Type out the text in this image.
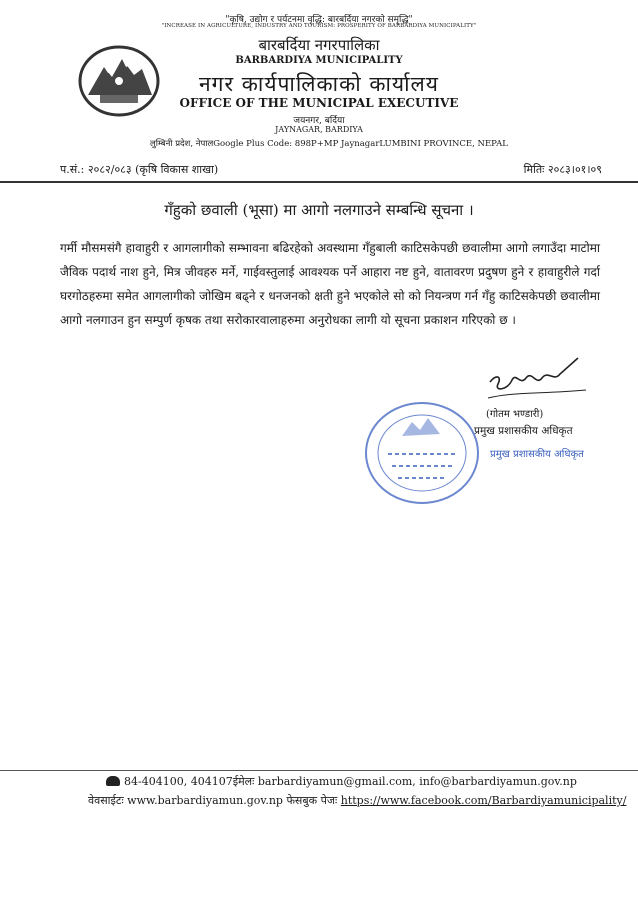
"कृषि, उद्योग र पर्यटनमा वृद्धि: बारबर्दिया नगरको समृद्धि"
"INCREASE IN AGRICULTURE, INDUSTRY AND TOURISM: PROSPERITY OF BARBARDIYA MUNICIPALITY"
बारबर्दिया नगरपालिका
BARBARDIYA MUNICIPALITY
नगर कार्यपालिकाको कार्यालय
OFFICE OF THE MUNICIPAL EXECUTIVE
जयनगर, बर्दिया
JAYNAGAR, BARDIYA
लुम्बिनी प्रदेश, नेपालGoogle Plus Code: 898P+MP JaynagarLUMBINI PROVINCE, NEPAL
प.सं.: २०८२/०८३ (कृषि विकास शाखा)	मितिः २०८३।०१।०९
गँहुको छवाली (भूसा) मा आगो नलगाउने सम्बन्धि सूचना ।
गर्मी मौसमसंगै हावाहुरी र आगलागीको सम्भावना बढिरहेको अवस्थामा गँहुबाली काटिसकेपछी छवालीमा आगो लगाउँदा माटोमा जैविक पदार्थ नाश हुने, मित्र जीवहरु मर्ने, गाईवस्तुलाई आवश्यक पर्ने आहारा नष्ट हुने, वातावरण प्रदुषण हुने र हावाहुरीले गर्दा घरगोठहरुमा समेत आगलागीको जोखिम बढ्ने र धनजनको क्षती हुने भएकोले सो को नियन्त्रण गर्न गँहु काटिसकेपछी छवालीमा आगो नलगाउन हुन सम्पुर्ण कृषक तथा सरोकारवालाहरुमा अनुरोधका लागी यो सूचना प्रकाशन गरिएको छ ।
(गोतम भण्डारी)
प्रमुख प्रशासकीय अधिकृत
प्रमुख प्रशासकीय अधिकृत
84-404100, 404107ईमेलः barbardiyamun@gmail.com, info@barbardiyamun.gov.np
वेवसाईटः www.barbardiyamun.gov.np फेसबुक पेजः https://www.facebook.com/Barbardiyamunicipality/
